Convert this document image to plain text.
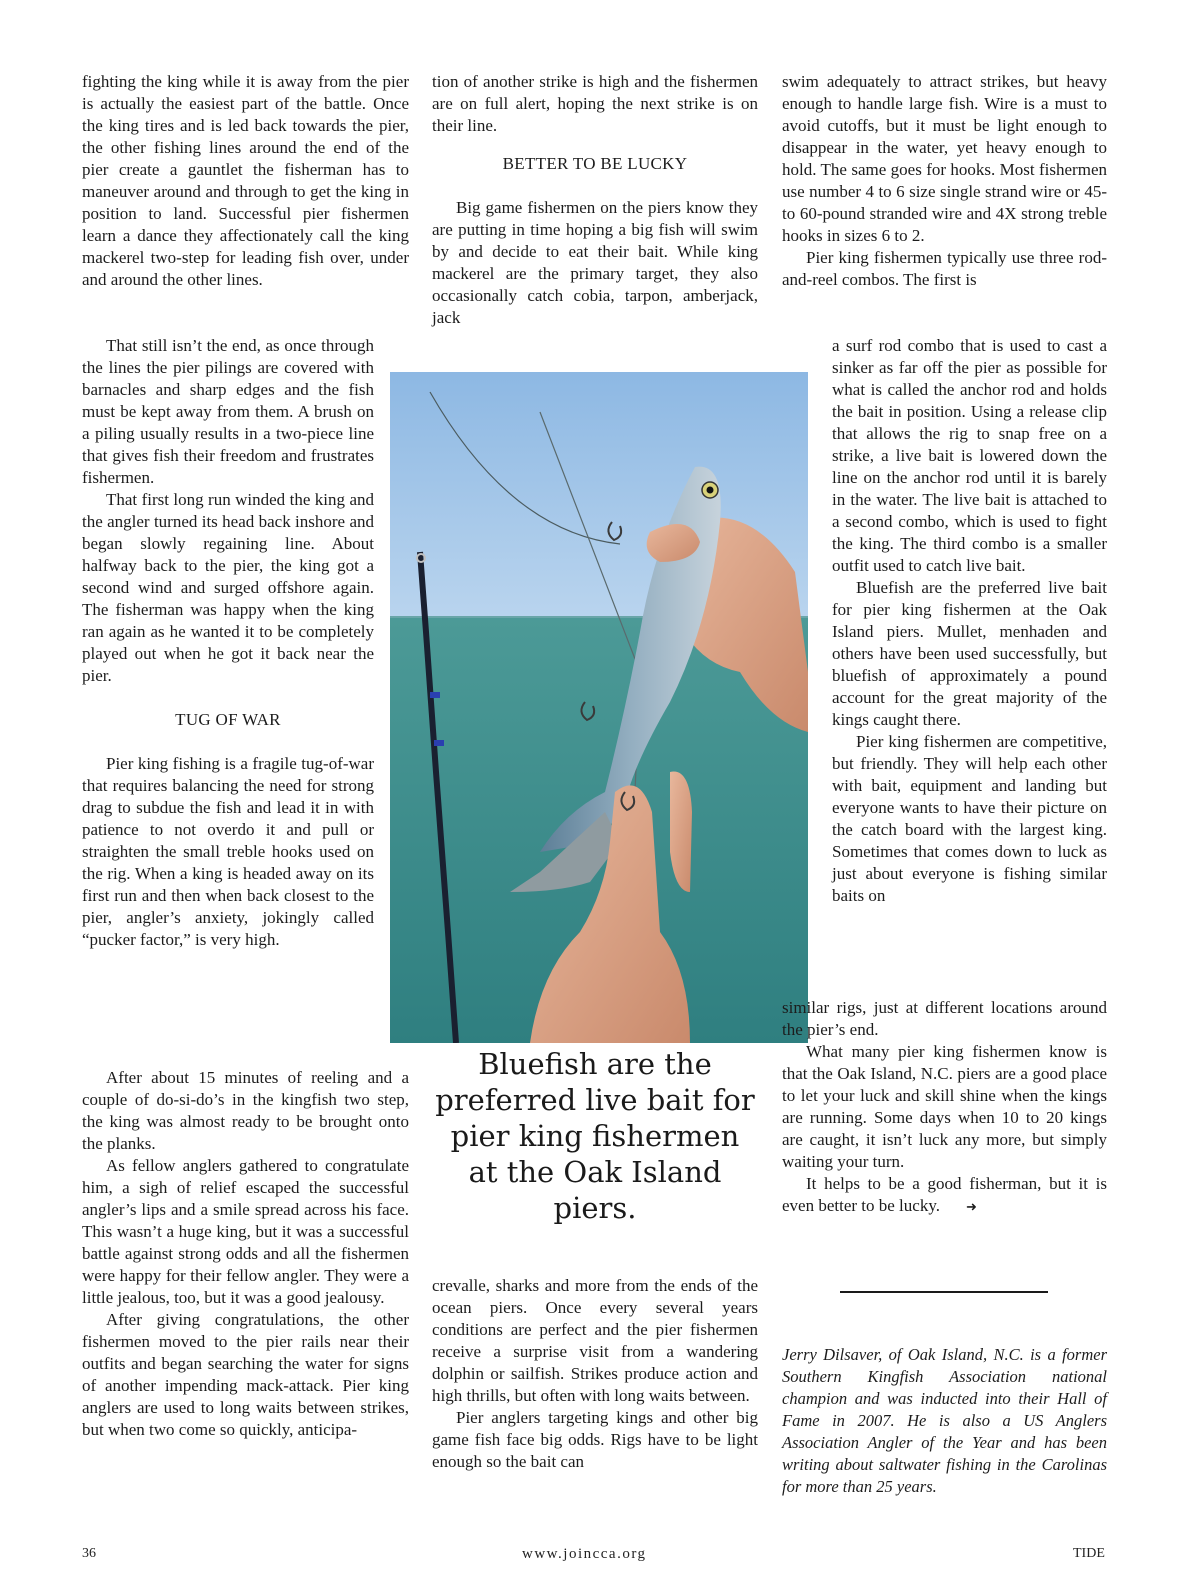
fighting the king while it is away from the pier is actually the easiest part of the battle. Once the king tires and is led back towards the pier, the other fishing lines around the end of the pier create a gauntlet the fisherman has to maneuver around and through to get the king in position to land. Successful pier fishermen learn a dance they affectionately call the king mackerel two-step for leading fish over, under and around the other lines.

That still isn’t the end, as once through the lines the pier pilings are covered with barnacles and sharp edges and the fish must be kept away from them. A brush on a piling usually results in a two-piece line that gives fish their freedom and frustrates fishermen.

That first long run winded the king and the angler turned its head back inshore and began slowly regaining line. About halfway back to the pier, the king got a second wind and surged offshore again. The fisherman was happy when the king ran again as he wanted it to be completely played out when he got it back near the pier.

TUG OF WAR

Pier king fishing is a fragile tug-of-war that requires balancing the need for strong drag to subdue the fish and lead it in with patience to not overdo it and pull or straighten the small treble hooks used on the rig. When a king is headed away on its first run and then when back closest to the pier, angler’s anxiety, jokingly called “pucker factor,” is very high.

After about 15 minutes of reeling and a couple of do-si-do’s in the kingfish two step, the king was almost ready to be brought onto the planks.

As fellow anglers gathered to congratulate him, a sigh of relief escaped the successful angler’s lips and a smile spread across his face. This wasn’t a huge king, but it was a successful battle against strong odds and all the fishermen were happy for their fellow angler. They were a little jealous, too, but it was a good jealousy.

After giving congratulations, the other fishermen moved to the pier rails near their outfits and began searching the water for signs of another impending mack-attack. Pier king anglers are used to long waits between strikes, but when two come so quickly, anticipa-

tion of another strike is high and the fishermen are on full alert, hoping the next strike is on their line.

BETTER TO BE LUCKY

Big game fishermen on the piers know they are putting in time hoping a big fish will swim by and decide to eat their bait. While king mackerel are the primary target, they also occasionally catch cobia, tarpon, amberjack, jack

Bluefish are the preferred live bait for pier king fishermen at the Oak Island piers.

crevalle, sharks and more from the ends of the ocean piers. Once every several years conditions are perfect and the pier fishermen receive a surprise visit from a wandering dolphin or sailfish. Strikes produce action and high thrills, but often with long waits between.

Pier anglers targeting kings and other big game fish face big odds. Rigs have to be light enough so the bait can

swim adequately to attract strikes, but heavy enough to handle large fish. Wire is a must to avoid cutoffs, but it must be light enough to disappear in the water, yet heavy enough to hold. The same goes for hooks. Most fishermen use number 4 to 6 size single strand wire or 45- to 60-pound stranded wire and 4X strong treble hooks in sizes 6 to 2.

Pier king fishermen typically use three rod-and-reel combos. The first is

a surf rod combo that is used to cast a sinker as far off the pier as possible for what is called the anchor rod and holds the bait in position. Using a release clip that allows the rig to snap free on a strike, a live bait is lowered down the line on the anchor rod until it is barely in the water. The live bait is attached to a second combo, which is used to fight the king. The third combo is a smaller outfit used to catch live bait.

Bluefish are the preferred live bait for pier king fishermen at the Oak Island piers. Mullet, menhaden and others have been used successfully, but bluefish of approximately a pound account for the great majority of the kings caught there.

Pier king fishermen are competitive, but friendly. They will help each other with bait, equipment and landing but everyone wants to have their picture on the catch board with the largest king. Sometimes that comes down to luck as just about everyone is fishing similar baits on

similar rigs, just at different locations around the pier’s end.

What many pier king fishermen know is that the Oak Island, N.C. piers are a good place to let your luck and skill shine when the kings are running. Some days when 10 to 20 kings are caught, it isn’t luck any more, but simply waiting your turn.

It helps to be a good fisherman, but it is even better to be lucky. ➜

Jerry Dilsaver, of Oak Island, N.C. is a former Southern Kingfish Association national champion and was inducted into their Hall of Fame in 2007. He is also a US Anglers Association Angler of the Year and has been writing about saltwater fishing in the Carolinas for more than 25 years.
36	www.joincca.org	TIDE
